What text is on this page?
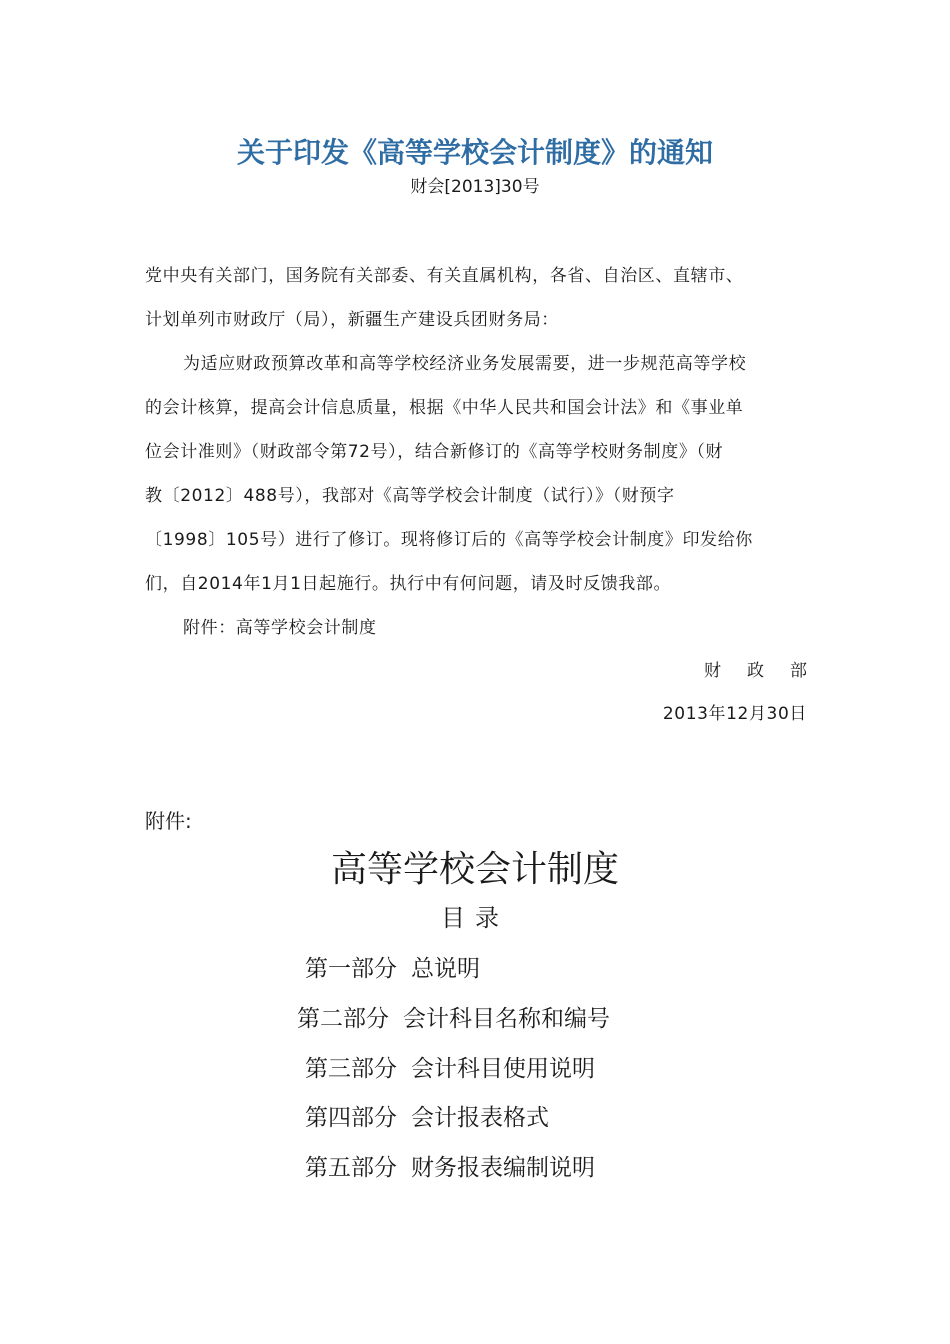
关于印发《高等学校会计制度》的通知
财会[2013]30号
党中央有关部门，国务院有关部委、有关直属机构，各省、自治区、直辖市、
计划单列市财政厅（局），新疆生产建设兵团财务局：
为适应财政预算改革和高等学校经济业务发展需要，进一步规范高等学校
的会计核算，提高会计信息质量，根据《中华人民共和国会计法》和《事业单
位会计准则》（财政部令第72号），结合新修订的《高等学校财务制度》（财
教〔2012〕488号），我部对《高等学校会计制度（试行）》（财预字
〔1998〕105号）进行了修订。现将修订后的《高等学校会计制度》印发给你
们，自2014年1月1日起施行。执行中有何问题，请及时反馈我部。
附件：高等学校会计制度
财政部
2013年12月30日
附件:
高等学校会计制度
目录
第一部分 总说明
第二部分 会计科目名称和编号
第三部分 会计科目使用说明
第四部分 会计报表格式
第五部分 财务报表编制说明
